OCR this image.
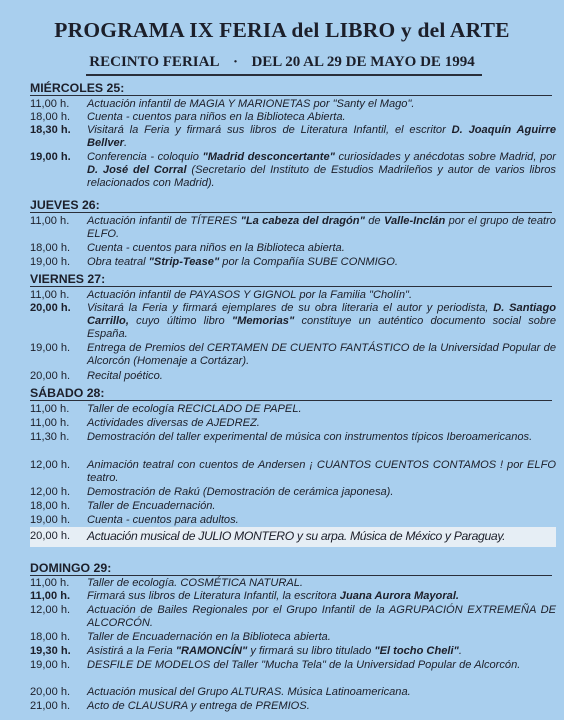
PROGRAMA IX FERIA del LIBRO y del ARTE
RECINTO FERIAL · DEL 20 AL 29 DE MAYO DE 1994
MIÉRCOLES 25:
11,00 h.	Actuación infantil de MAGIA Y MARIONETAS por "Santy el Mago".
18,00 h.	Cuenta - cuentos para niños en la Biblioteca Abierta.
18,30 h.	Visitará la Feria y firmará sus libros de Literatura Infantil, el escritor D. Joaquín Aguirre Bellver.
19,00 h.	Conferencia - coloquio "Madrid desconcertante" curiosidades y anécdotas sobre Madrid, por D. José del Corral (Secretario del Instituto de Estudios Madrileños y autor de varios libros relacionados con Madrid).
JUEVES 26:
11,00 h.	Actuación infantil de TÍTERES "La cabeza del dragón" de Valle-Inclán por el grupo de teatro ELFO.
18,00 h.	Cuenta - cuentos para niños en la Biblioteca abierta.
19,00 h.	Obra teatral "Strip-Tease" por la Compañía SUBE CONMIGO.
VIERNES 27:
11,00 h.	Actuación infantil de PAYASOS Y GIGNOL por la Familia "Cholín".
20,00 h.	Visitará la Feria y firmará ejemplares de su obra literaria el autor y periodista, D. Santiago Carrillo, cuyo último libro "Memorias" constituye un auténtico documento social sobre España.
19,00 h.	Entrega de Premios del CERTAMEN DE CUENTO FANTÁSTICO de la Universidad Popular de Alcorcón (Homenaje a Cortázar).
20,00 h.	Recital poético.
SÁBADO 28:
11,00 h.	Taller de ecología RECICLADO DE PAPEL.
11,00 h.	Actividades diversas de AJEDREZ.
11,30 h.	Demostración del taller experimental de música con instrumentos típicos Iberoamericanos.
12,00 h.	Animación teatral con cuentos de Andersen ¡ CUANTOS CUENTOS CONTAMOS ! por ELFO teatro.
12,00 h.	Demostración de Rakú (Demostración de cerámica japonesa).
18,00 h.	Taller de Encuadernación.
19,00 h.	Cuenta - cuentos para adultos.
20,00 h.	Actuación musical de JULIO MONTERO y su arpa. Música de México y Paraguay.
DOMINGO 29:
11,00 h.	Taller de ecología. COSMÉTICA NATURAL.
11,00 h.	Firmará sus libros de Literatura Infantil, la escritora Juana Aurora Mayoral.
12,00 h.	Actuación de Bailes Regionales por el Grupo Infantil de la AGRUPACIÓN EXTREMEÑA DE ALCORCÓN.
18,00 h.	Taller de Encuadernación en la Biblioteca abierta.
19,30 h.	Asistirá a la Feria "RAMONCÍN" y firmará su libro titulado "El tocho Cheli".
19,00 h.	DESFILE DE MODELOS del Taller "Mucha Tela" de la Universidad Popular de Alcorcón.
20,00 h.	Actuación musical del Grupo ALTURAS. Música Latinoamericana.
21,00 h.	Acto de CLAUSURA y entrega de PREMIOS.
